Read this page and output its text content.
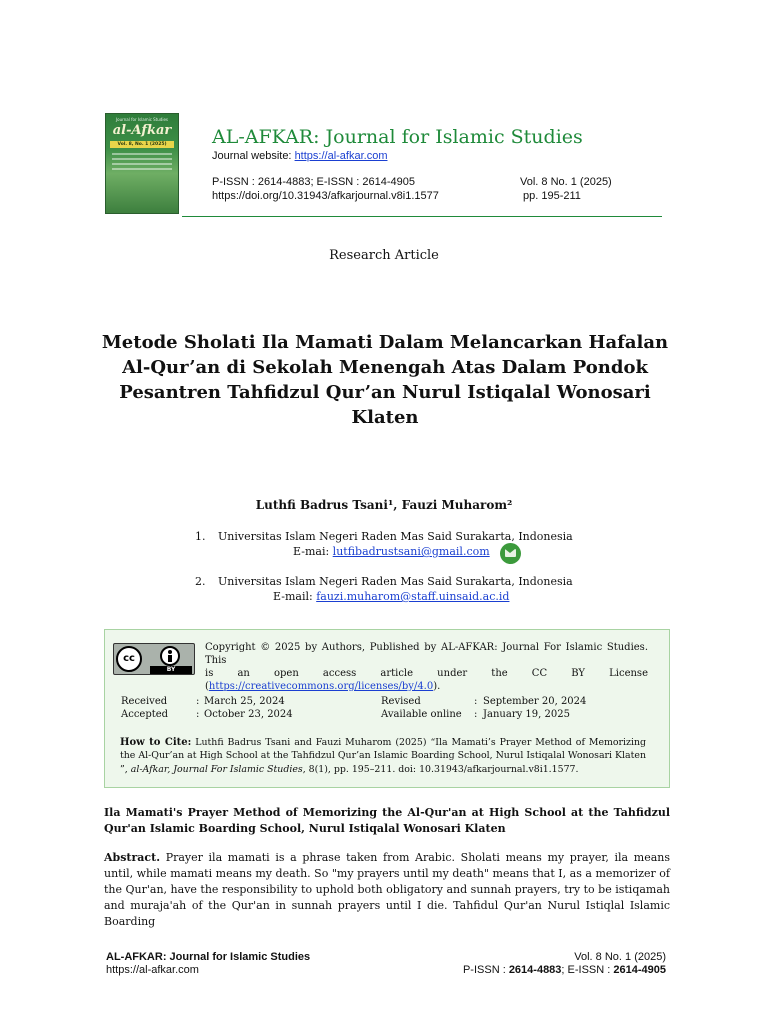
Journal for Islamic Studies
al-Afkar
Vol. 8, No. 1 (2025)	AL-AFKAR: Journal for Islamic Studies
Journal website: https://al-afkar.com
P-ISSN : 2614-4883; E-ISSN : 2614-4905
https://doi.org/10.31943/afkarjournal.v8i1.1577
Vol. 8 No. 1 (2025)
pp. 195-211
Research Article
Metode Sholati Ila Mamati Dalam Melancarkan Hafalan Al-Qur’an di Sekolah Menengah Atas Dalam Pondok Pesantren Tahfidzul Qur’an Nurul Istiqalal Wonosari Klaten
Luthfi Badrus Tsani¹, Fauzi Muharom²
1. Universitas Islam Negeri Raden Mas Said Surakarta, Indonesia
E-mai: lutfibadrustsani@gmail.com
2. Universitas Islam Negeri Raden Mas Said Surakarta, Indonesia
E-mail: fauzi.muharom@staff.uinsaid.ac.id
cc
BY
Copyright © 2025 by Authors, Published by AL-AFKAR: Journal For Islamic Studies. This
is an open access article under the CC BY License
(https://creativecommons.org/licenses/by/4.0).
Received	: March 25, 2024	Revised	: September 20, 2024
Accepted	: October 23, 2024	Available online : January 19, 2025
How to Cite: Luthfi Badrus Tsani and Fauzi Muharom (2025) “Ila Mamati’s Prayer Method of Memorizing the Al-Qur’an at High School at the Tahfidzul Qur’an Islamic Boarding School, Nurul Istiqalal Wonosari Klaten ”, al-Afkar, Journal For Islamic Studies, 8(1), pp. 195–211. doi: 10.31943/afkarjournal.v8i1.1577.
Ila Mamati's Prayer Method of Memorizing the Al-Qur'an at High School at the Tahfidzul Qur'an Islamic Boarding School, Nurul Istiqalal Wonosari Klaten
Abstract. Prayer ila mamati is a phrase taken from Arabic. Sholati means my prayer, ila means until, while mamati means my death. So "my prayers until my death" means that I, as a memorizer of the Qur'an, have the responsibility to uphold both obligatory and sunnah prayers, try to be istiqamah and muraja'ah of the Qur'an in sunnah prayers until I die. Tahfidul Qur'an Nurul Istiqlal Islamic Boarding
AL-AFKAR: Journal for Islamic Studies
https://al-afkar.com
Vol. 8 No. 1 (2025)
P-ISSN : 2614-4883; E-ISSN : 2614-4905
